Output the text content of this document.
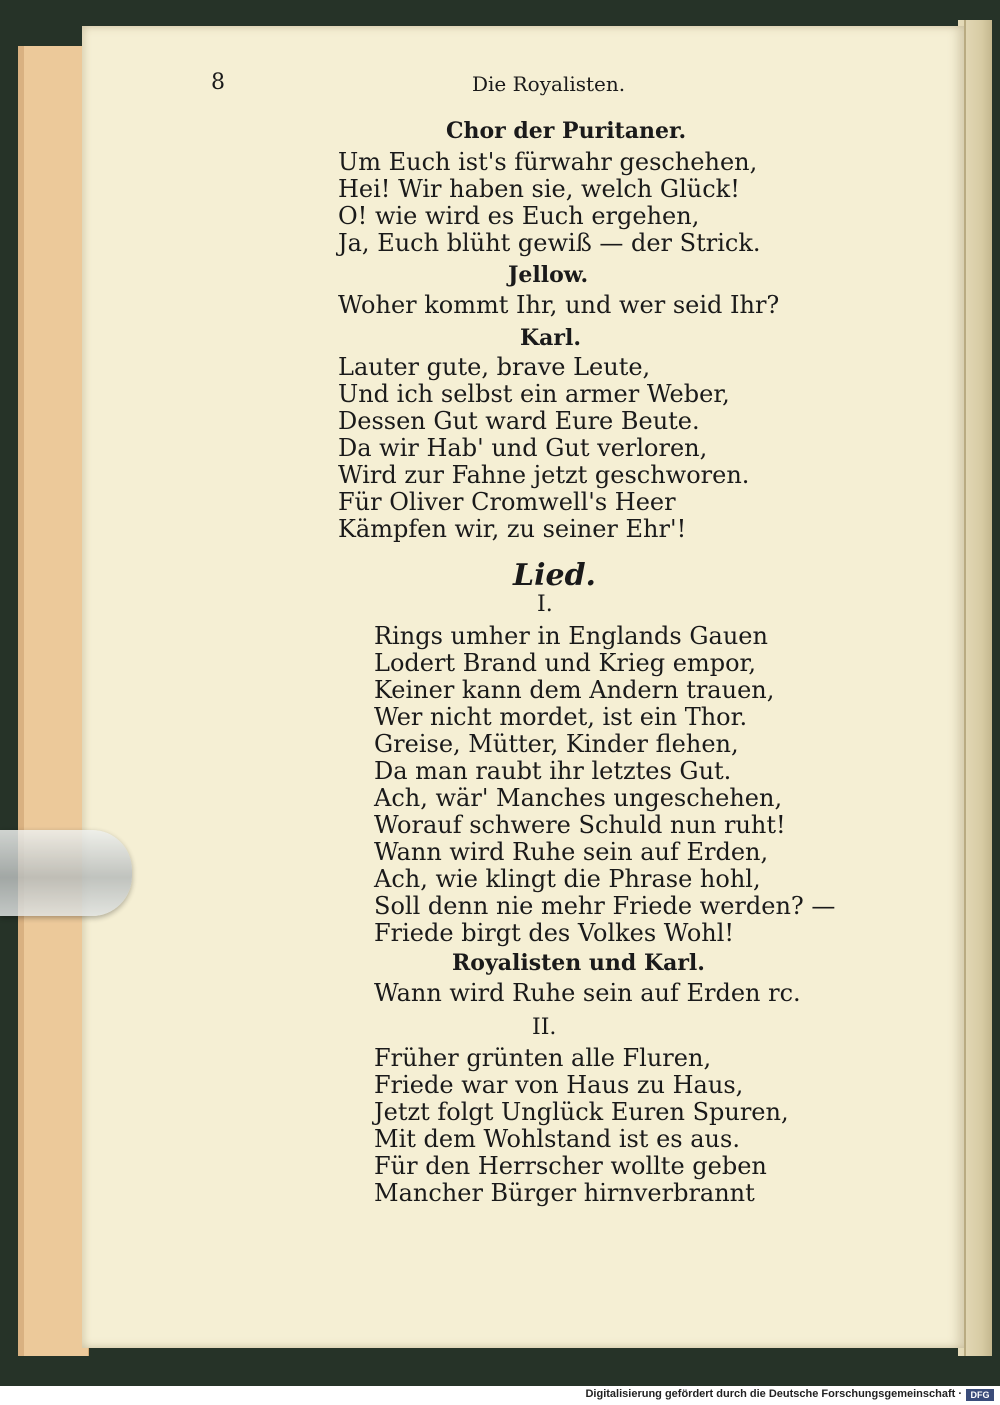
8	Die Royalisten.
Chor der Puritaner.
Um Euch ist's fürwahr geschehen,
Hei! Wir haben sie, welch Glück!
O! wie wird es Euch ergehen,
Ja, Euch blüht gewiß — der Strick.
Jellow.
Woher kommt Ihr, und wer seid Ihr?
Karl.
Lauter gute, brave Leute,
Und ich selbst ein armer Weber,
Dessen Gut ward Eure Beute.
Da wir Hab' und Gut verloren,
Wird zur Fahne jetzt geschworen.
Für Oliver Cromwell's Heer
Kämpfen wir, zu seiner Ehr'!
Lied.
I.
Rings umher in Englands Gauen
Lodert Brand und Krieg empor,
Keiner kann dem Andern trauen,
Wer nicht mordet, ist ein Thor.
Greise, Mütter, Kinder flehen,
Da man raubt ihr letztes Gut.
Ach, wär' Manches ungeschehen,
Worauf schwere Schuld nun ruht!
Wann wird Ruhe sein auf Erden,
Ach, wie klingt die Phrase hohl,
Soll denn nie mehr Friede werden? —
Friede birgt des Volkes Wohl!
Royalisten und Karl.
Wann wird Ruhe sein auf Erden rc.
II.
Früher grünten alle Fluren,
Friede war von Haus zu Haus,
Jetzt folgt Unglück Euren Spuren,
Mit dem Wohlstand ist es aus.
Für den Herrscher wollte geben
Mancher Bürger hirnverbrannt
Digitalisierung gefördert durch die Deutsche Forschungsgemeinschaft · DFG
